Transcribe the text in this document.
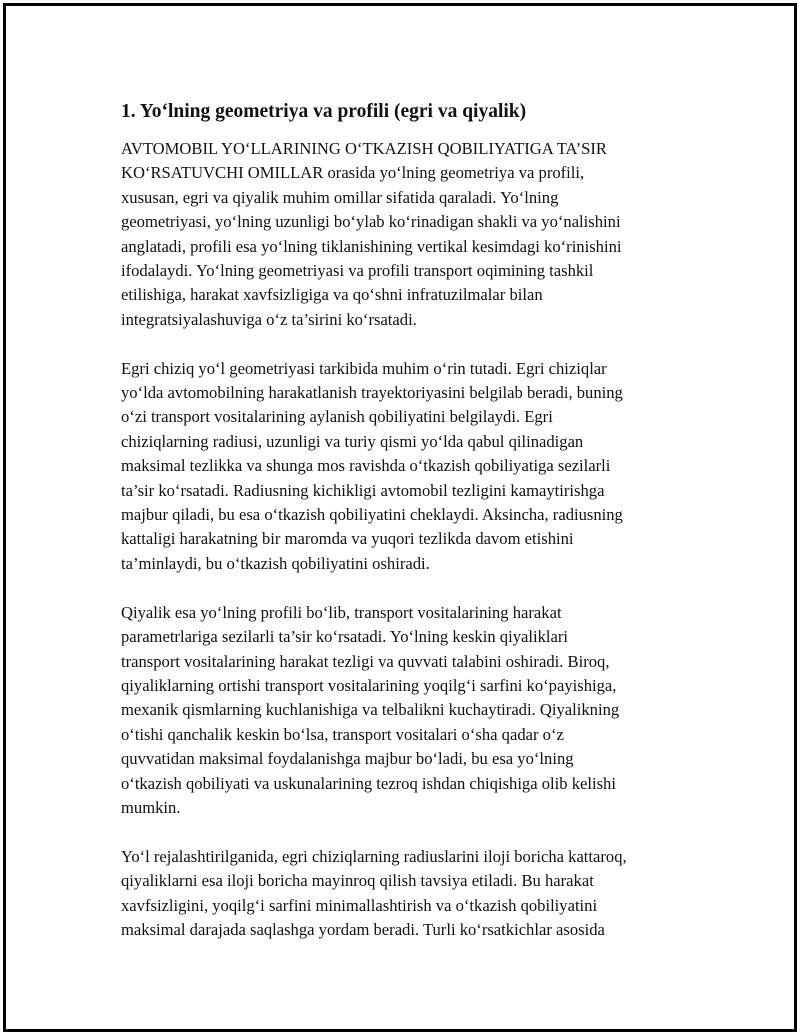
1. Yo‘lning geometriya va profili (egri va qiyalik)
AVTOMOBIL YO‘LLARINING O‘TKAZISH QOBILIYATIGA TA’SIR
KO‘RSATUVCHI OMILLAR orasida yo‘lning geometriya va profili,
xususan, egri va qiyalik muhim omillar sifatida qaraladi. Yo‘lning
geometriyasi, yo‘lning uzunligi bo‘ylab ko‘rinadigan shakli va yo‘nalishini
anglatadi, profili esa yo‘lning tiklanishining vertikal kesimdagi ko‘rinishini
ifodalaydi. Yo‘lning geometriyasi va profili transport oqimining tashkil
etilishiga, harakat xavfsizligiga va qo‘shni infratuzilmalar bilan
integratsiyalashuviga o‘z ta’sirini ko‘rsatadi.
Egri chiziq yo‘l geometriyasi tarkibida muhim o‘rin tutadi. Egri chiziqlar
yo‘lda avtomobilning harakatlanish trayektoriyasini belgilab beradi, buning
o‘zi transport vositalarining aylanish qobiliyatini belgilaydi. Egri
chiziqlarning radiusi, uzunligi va turiy qismi yo‘lda qabul qilinadigan
maksimal tezlikka va shunga mos ravishda o‘tkazish qobiliyatiga sezilarli
ta’sir ko‘rsatadi. Radiusning kichikligi avtomobil tezligini kamaytirishga
majbur qiladi, bu esa o‘tkazish qobiliyatini cheklaydi. Aksincha, radiusning
kattaligi harakatning bir maromda va yuqori tezlikda davom etishini
ta’minlaydi, bu o‘tkazish qobiliyatini oshiradi.
Qiyalik esa yo‘lning profili bo‘lib, transport vositalarining harakat
parametrlariga sezilarli ta’sir ko‘rsatadi. Yo‘lning keskin qiyaliklari
transport vositalarining harakat tezligi va quvvati talabini oshiradi. Biroq,
qiyaliklarning ortishi transport vositalarining yoqilg‘i sarfini ko‘payishiga,
mexanik qismlarning kuchlanishiga va telbalikni kuchaytiradi. Qiyalikning
o‘tishi qanchalik keskin bo‘lsa, transport vositalari o‘sha qadar o‘z
quvvatidan maksimal foydalanishga majbur bo‘ladi, bu esa yo‘lning
o‘tkazish qobiliyati va uskunalarining tezroq ishdan chiqishiga olib kelishi
mumkin.
Yo‘l rejalashtirilganida, egri chiziqlarning radiuslarini iloji boricha kattaroq,
qiyaliklarni esa iloji boricha mayinroq qilish tavsiya etiladi. Bu harakat
xavfsizligini, yoqilg‘i sarfini minimallashtirish va o‘tkazish qobiliyatini
maksimal darajada saqlashga yordam beradi. Turli ko‘rsatkichlar asosida
